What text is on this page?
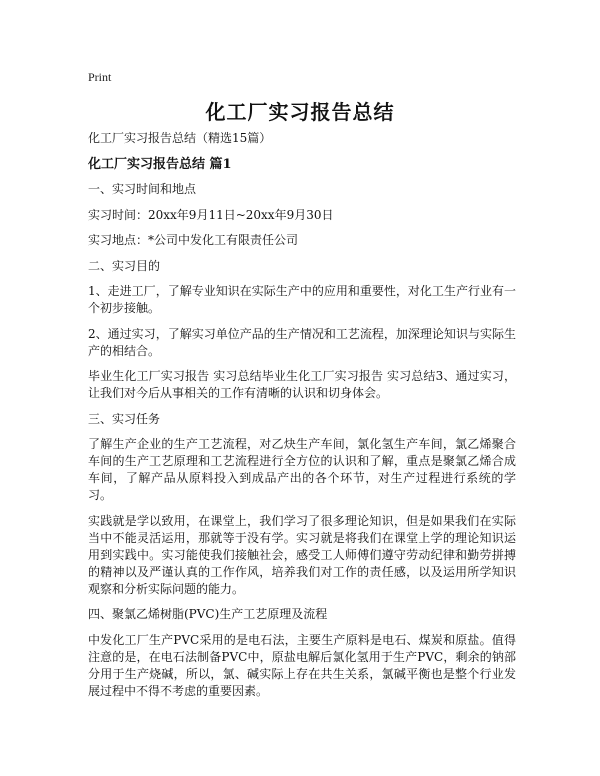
Print
化工厂实习报告总结

化工厂实习报告总结（精选15篇）

化工厂实习报告总结 篇1

一、实习时间和地点

实习时间：20xx年9月11日~20xx年9月30日

实习地点：*公司中发化工有限责任公司

二、实习目的

1、走进工厂，了解专业知识在实际生产中的应用和重要性，对化工生产行业有一个初步接触。

2、通过实习，了解实习单位产品的生产情况和工艺流程，加深理论知识与实际生产的相结合。

毕业生化工厂实习报告 实习总结毕业生化工厂实习报告 实习总结3、通过实习，让我们对今后从事相关的工作有清晰的认识和切身体会。

三、实习任务

了解生产企业的生产工艺流程，对乙炔生产车间，氯化氢生产车间，氯乙烯聚合车间的生产工艺原理和工艺流程进行全方位的认识和了解，重点是聚氯乙烯合成车间，了解产品从原料投入到成品产出的各个环节，对生产过程进行系统的学习。

实践就是学以致用，在课堂上，我们学习了很多理论知识，但是如果我们在实际当中不能灵活运用，那就等于没有学。实习就是将我们在课堂上学的理论知识运用到实践中。实习能使我们接触社会，感受工人师傅们遵守劳动纪律和勤劳拼搏的精神以及严谨认真的工作作风，培养我们对工作的责任感，以及运用所学知识观察和分析实际问题的能力。

四、聚氯乙烯树脂(PVC)生产工艺原理及流程

中发化工厂生产PVC采用的是电石法，主要生产原料是电石、煤炭和原盐。值得注意的是，在电石法制备PVC中，原盐电解后氯化氢用于生产PVC，剩余的钠部分用于生产烧碱，所以，氯、碱实际上存在共生关系，氯碱平衡也是整个行业发展过程中不得不考虑的重要因素。
